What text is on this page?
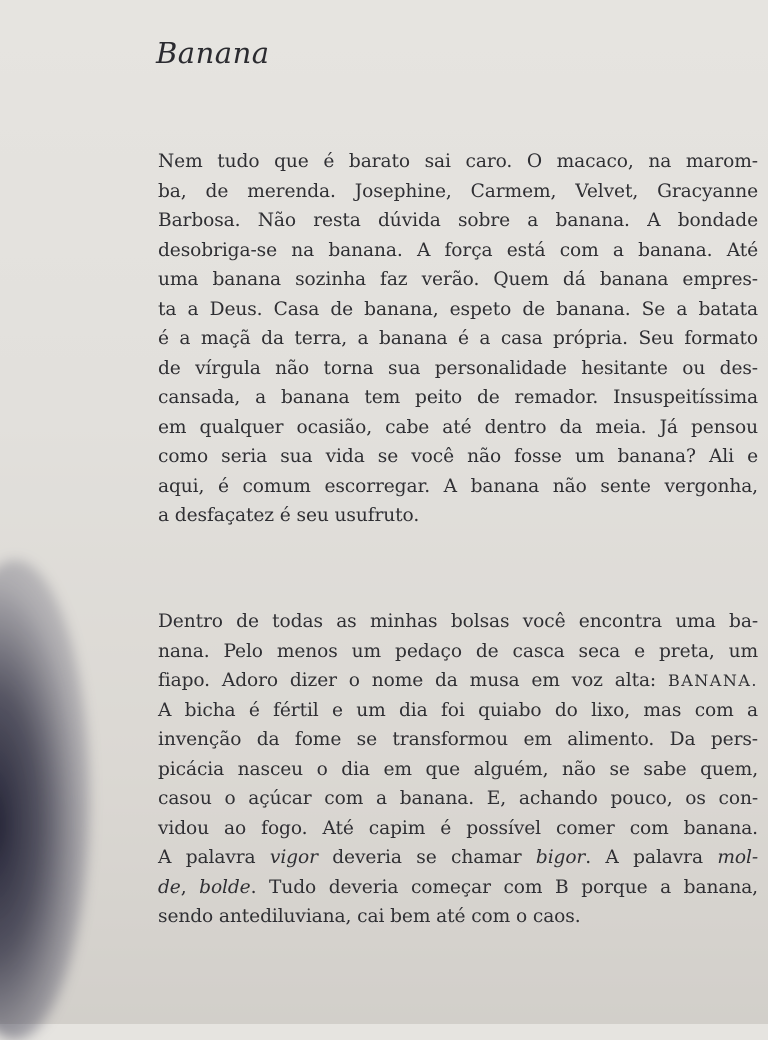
Banana

Nem tudo que é barato sai caro. O macaco, na marom-
ba, de merenda. Josephine, Carmem, Velvet, Gracyanne
Barbosa. Não resta dúvida sobre a banana. A bondade
desobriga-se na banana. A força está com a banana. Até
uma banana sozinha faz verão. Quem dá banana empres-
ta a Deus. Casa de banana, espeto de banana. Se a batata
é a maçã da terra, a banana é a casa própria. Seu formato
de vírgula não torna sua personalidade hesitante ou des-
cansada, a banana tem peito de remador. Insuspeitíssima
em qualquer ocasião, cabe até dentro da meia. Já pensou
como seria sua vida se você não fosse um banana? Ali e
aqui, é comum escorregar. A banana não sente vergonha,
a desfaçatez é seu usufruto.

Dentro de todas as minhas bolsas você encontra uma ba-
nana. Pelo menos um pedaço de casca seca e preta, um
fiapo. Adoro dizer o nome da musa em voz alta: BANANA.
A bicha é fértil e um dia foi quiabo do lixo, mas com a
invenção da fome se transformou em alimento. Da pers-
picácia nasceu o dia em que alguém, não se sabe quem,
casou o açúcar com a banana. E, achando pouco, os con-
vidou ao fogo. Até capim é possível comer com banana.
A palavra vigor deveria se chamar bigor. A palavra mol-
de, bolde. Tudo deveria começar com B porque a banana,
sendo antediluviana, cai bem até com o caos.
